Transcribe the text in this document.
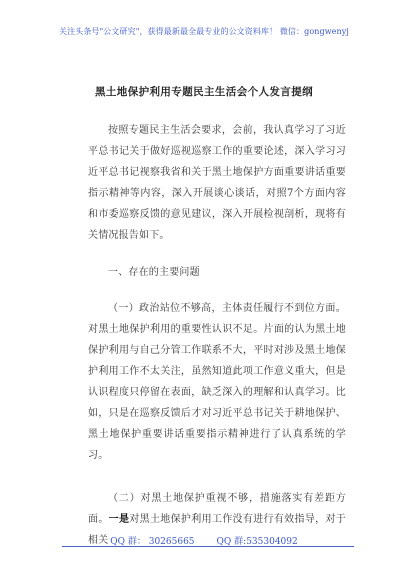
关注头条号"公文研究"，获得最新最全最专业的公文资料库！ 微信：gongwenyj
黑土地保护利用专题民主生活会个人发言提纲
按照专题民主生活会要求，会前，我认真学习了习近平总书记关于做好巡视巡察工作的重要论述，深入学习习近平总书记视察我省和关于黑土地保护方面重要讲话重要指示精神等内容，深入开展谈心谈话，对照7个方面内容和市委巡察反馈的意见建议，深入开展检视剖析，现将有关情况报告如下。
一、存在的主要问题
（一）政治站位不够高，主体责任履行不到位方面。对黑土地保护利用的重要性认识不足。片面的认为黑土地保护利用与自己分管工作联系不大，平时对涉及黑土地保护利用工作不太关注，虽然知道此项工作意义重大，但是认识程度只停留在表面，缺乏深入的理解和认真学习。比如，只是在巡察反馈后才对习近平总书记关于耕地保护、黑土地保护重要讲话重要指示精神进行了认真系统的学习。
（二）对黑土地保护重视不够，措施落实有差距方面。一是对黑土地保护利用工作没有进行有效指导，对于相关 QQ 群： 30265665 QQ 群:535304092
